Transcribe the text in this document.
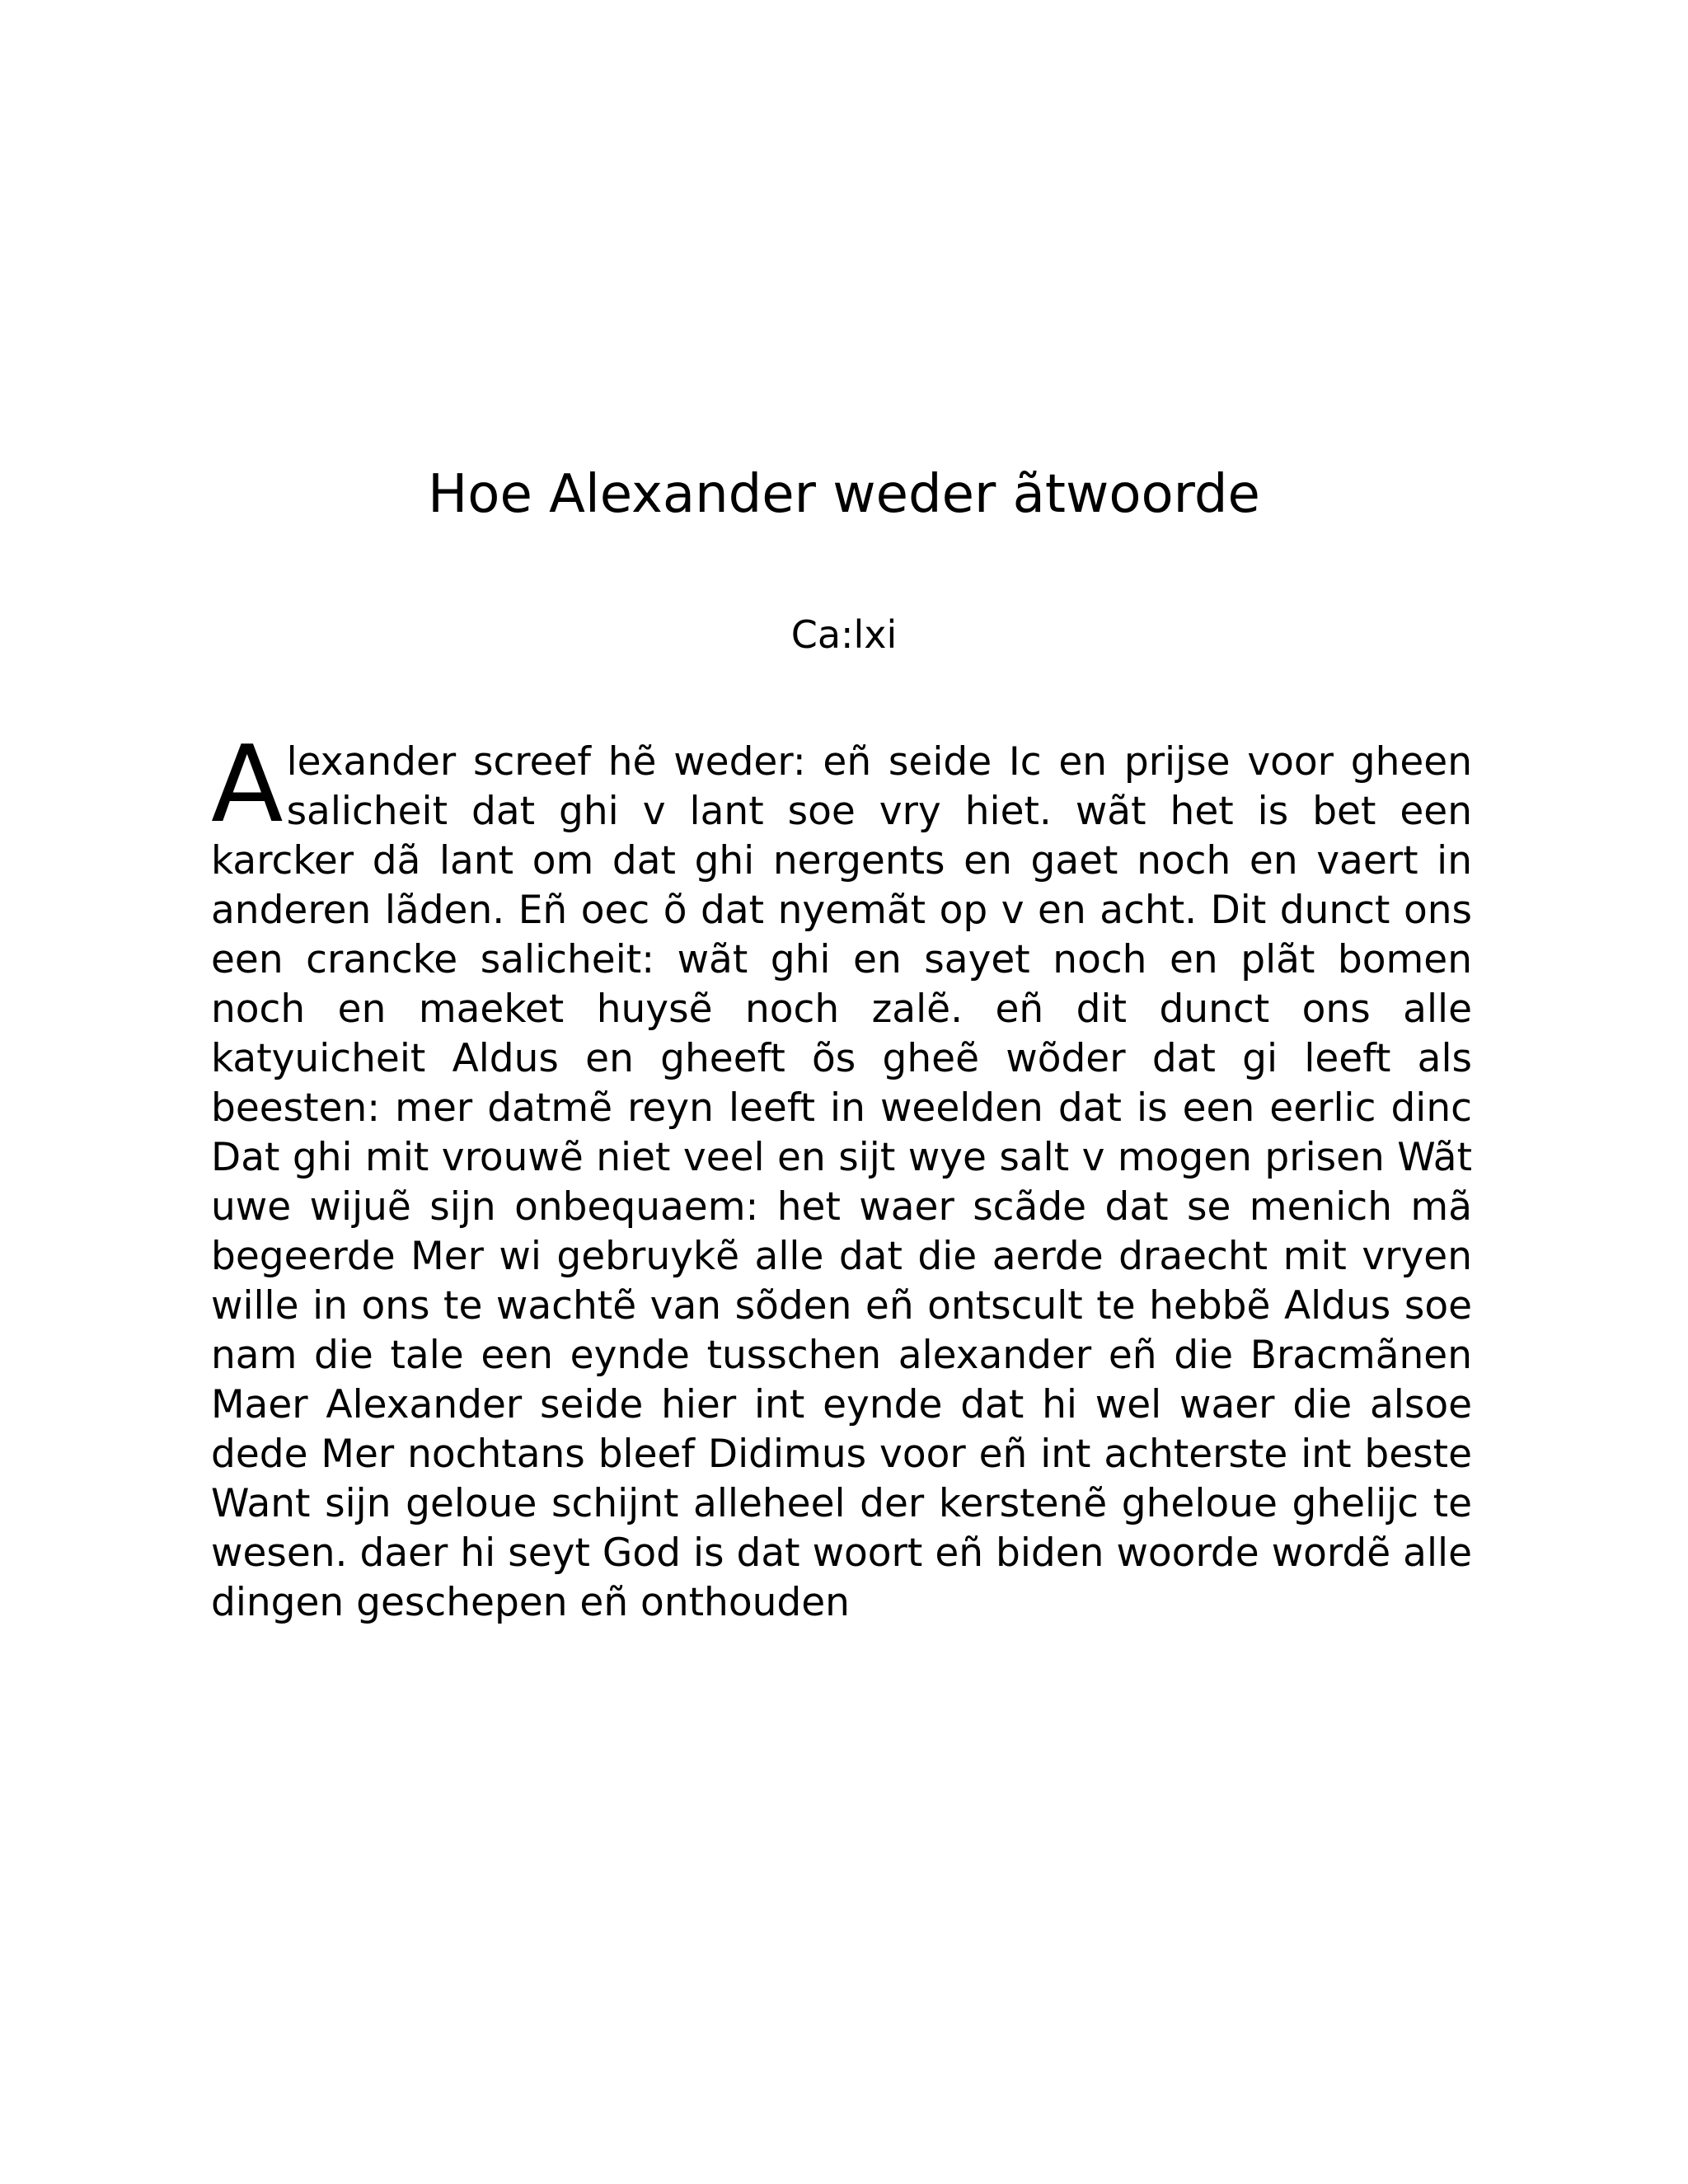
Hoe Alexander weder ãtwoorde
Ca:lxi

Alexander screef hẽ weder: eñ seide Ic en prijse voor gheen salicheit dat ghi v lant soe vry hiet. wãt het is bet een karcker dã lant om dat ghi nergents en gaet noch en vaert in anderen lãden. Eñ oec õ dat nyemãt op v en acht. Dit dunct ons een crancke salicheit: wãt ghi en sayet noch en plãt bomen noch en maeket huysẽ noch zalẽ. eñ dit dunct ons alle katyuicheit Aldus en gheeft õs gheẽ wõder dat gi leeft als beesten: mer datmẽ reyn leeft in weelden dat is een eerlic dinc Dat ghi mit vrouwẽ niet veel en sijt wye salt v mogen prisen Wãt uwe wijuẽ sijn onbequaem: het waer scãde dat se menich mã begeerde Mer wi gebruykẽ alle dat die aerde draecht mit vryen wille in ons te wachtẽ van sõden eñ ontscult te hebbẽ Aldus soe nam die tale een eynde tusschen alexander eñ die Bracmãnen Maer Alexander seide hier int eynde dat hi wel waer die alsoe dede Mer nochtans bleef Didimus voor eñ int achterste int beste Want sijn geloue schijnt alleheel der kerstenẽ gheloue ghelijc te wesen. daer hi seyt God is dat woort eñ biden woorde wordẽ alle dingen geschepen eñ onthouden
